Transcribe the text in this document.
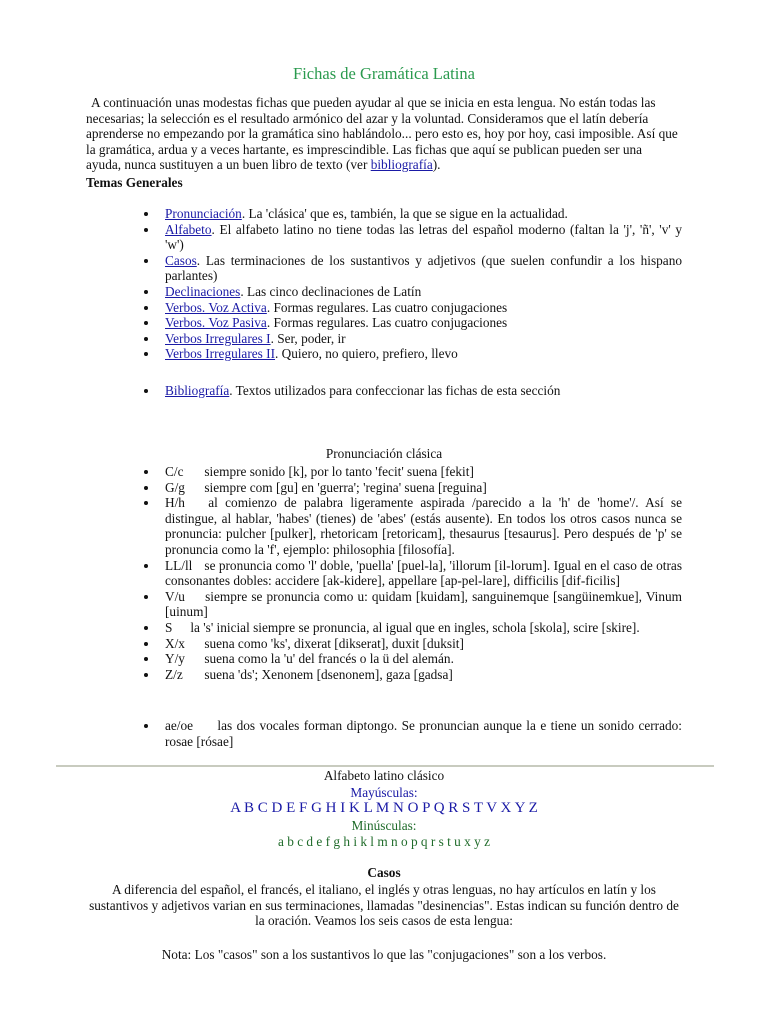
Fichas de Gramática Latina
A continuación unas modestas fichas que pueden ayudar al que se inicia en esta lengua. No están todas las necesarias; la selección es el resultado armónico del azar y la voluntad. Consideramos que el latín debería aprenderse no empezando por la gramática sino hablándolo... pero esto es, hoy por hoy, casi imposible. Así que la gramática, ardua y a veces hartante, es imprescindible. Las fichas que aquí se publican pueden ser una ayuda, nunca sustituyen a un buen libro de texto (ver bibliografía).
Temas Generales
Pronunciación. La 'clásica' que es, también, la que se sigue en la actualidad.
Alfabeto. El alfabeto latino no tiene todas las letras del español moderno (faltan la 'j', 'ñ', 'v' y 'w')
Casos. Las terminaciones de los sustantivos y adjetivos (que suelen confundir a los hispano parlantes)
Declinaciones. Las cinco declinaciones de Latín
Verbos. Voz Activa. Formas regulares. Las cuatro conjugaciones
Verbos. Voz Pasiva. Formas regulares. Las cuatro conjugaciones
Verbos Irregulares I. Ser, poder, ir
Verbos Irregulares II. Quiero, no quiero, prefiero, llevo
Bibliografía. Textos utilizados para confeccionar las fichas de esta sección
Pronunciación clásica
C/c siempre sonido [k], por lo tanto 'fecit' suena [fekit]
G/g siempre com [gu] en 'guerra'; 'regina' suena [reguina]
H/h al comienzo de palabra ligeramente aspirada /parecido a la 'h' de 'home'/. Así se distingue, al hablar, 'habes' (tienes) de 'abes' (estás ausente). En todos los otros casos nunca se pronuncia: pulcher [pulker], rhetoricam [retoricam], thesaurus [tesaurus]. Pero después de 'p' se pronuncia como la 'f', ejemplo: philosophia [filosofía].
LL/ll se pronuncia como 'l' doble, 'puella' [puel-la], 'illorum [il-lorum]. Igual en el caso de otras consonantes dobles: accidere [ak-kidere], appellare [ap-pel-lare], difficilis [dif-ficilis]
V/u siempre se pronuncia como u: quidam [kuidam], sanguinemque [sangüinemkue], Vinum [uinum]
S la 's' inicial siempre se pronuncia, al igual que en ingles, schola [skola], scire [skire].
X/x suena como 'ks', dixerat [dikserat], duxit [duksit]
Y/y suena como la 'u' del francés o la ü del alemán.
Z/z suena 'ds'; Xenonem [dsenonem], gaza [gadsa]
ae/oe las dos vocales forman diptongo. Se pronuncian aunque la e tiene un sonido cerrado: rosae [rósae]
Alfabeto latino clásico
Mayúsculas:
A B C D E F G H I K L M N O P Q R S T V X Y Z
Minúsculas:
a b c d e f g h i k l m n o p q r s t u x y z
Casos
A diferencia del español, el francés, el italiano, el inglés y otras lenguas, no hay artículos en latín y los sustantivos y adjetivos varian en sus terminaciones, llamadas "desinencias". Estas indican su función dentro de la oración. Veamos los seis casos de esta lengua:
Nota: Los "casos" son a los sustantivos lo que las "conjugaciones" son a los verbos.
